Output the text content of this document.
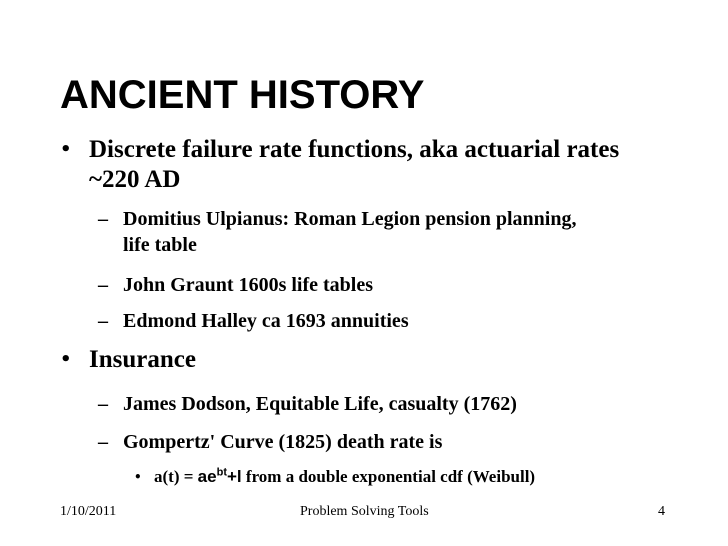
ANCIENT HISTORY
• Discrete failure rate functions, aka actuarial rates ~220 AD
– Domitius Ulpianus: Roman Legion pension planning, life table
– John Graunt 1600s life tables
– Edmond Halley ca 1693 annuities
• Insurance
– James Dodson, Equitable Life, casualty (1762)
– Gompertz' Curve (1825) death rate is
• $a(t) = ae^{bt}+l$ from a double exponential cdf (Weibull)
1/10/2011	Problem Solving Tools	4
